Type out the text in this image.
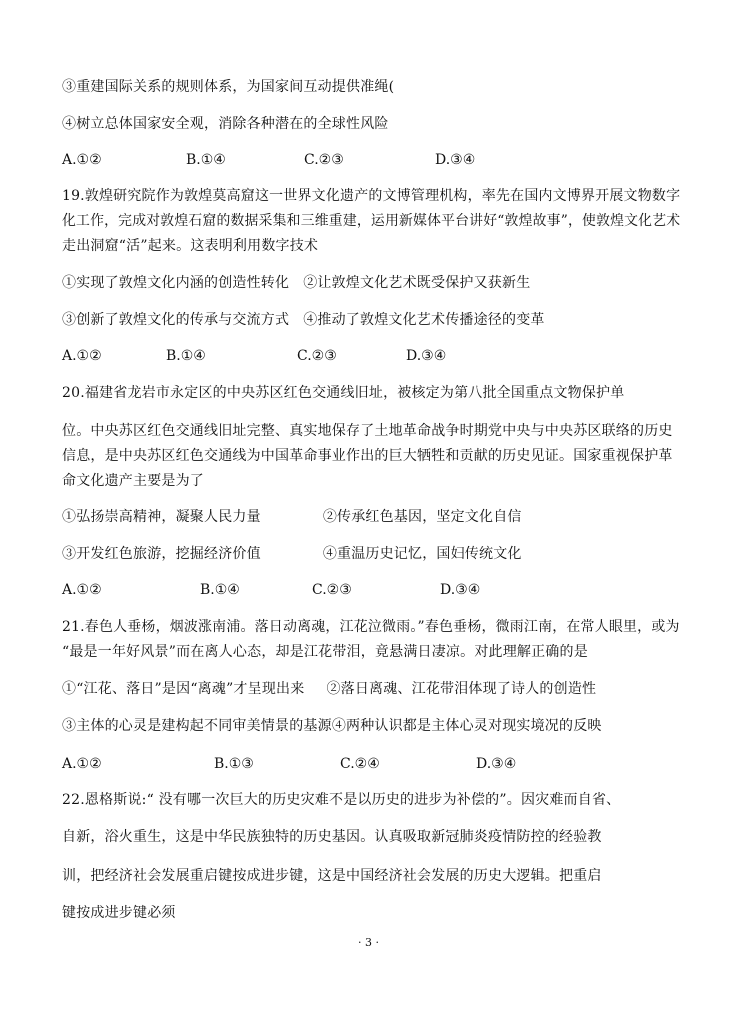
③重建国际关系的规则体系，为国家间互动提供准绳(
④树立总体国家安全观，消除各种潜在的全球性风险
A.①②	B.①④	C.②③	D.③④
19.敦煌研究院作为敦煌莫高窟这一世界文化遗产的文博管理机构，率先在国内文博界开展文物数字
化工作，完成对敦煌石窟的数据采集和三维重建，运用新媒体平台讲好“敦煌故事”，使敦煌文化艺术
走出洞窟“活”起来。这表明利用数字技术
①实现了敦煌文化内涵的创造性转化 ②让敦煌文化艺术既受保护又获新生
③创新了敦煌文化的传承与交流方式 ④推动了敦煌文化艺术传播途径的变革
A.①②	B.①④	C.②③	D.③④
20.福建省龙岩市永定区的中央苏区红色交通线旧址，被核定为第八批全国重点文物保护单
位。中央苏区红色交通线旧址完整、真实地保存了土地革命战争时期党中央与中央苏区联络的历史
信息，是中央苏区红色交通线为中国革命事业作出的巨大牺牲和贡献的历史见证。国家重视保护革
命文化遗产主要是为了
①弘扬崇高精神，凝聚人民力量	②传承红色基因，坚定文化自信
③开发红色旅游，挖掘经济价值	④重温历史记忆，国妇传统文化
A.①②	B.①④	C.②③	D.③④
21.春色人垂杨，烟波涨南浦。落日动离魂，江花泣微雨。”春色垂杨，微雨江南，在常人眼里，或为
“最是一年好风景”而在离人心态，却是江花带泪，竟悬满日凄凉。对此理解正确的是
①“江花、落日”是因“离魂”才呈现出来 ②落日离魂、江花带泪体现了诗人的创造性
③主体的心灵是建构起不同审美情景的基源④两种认识都是主体心灵对现实境况的反映
A.①②	B.①③	C.②④	D.③④
22.恩格斯说:“ 没有哪一次巨大的历史灾难不是以历史的进步为补偿的”。因灾难而自省、
自新，浴火重生，这是中华民族独特的历史基因。认真吸取新冠肺炎疫情防控的经验教
训，把经济社会发展重启键按成进步键，这是中国经济社会发展的历史大逻辑。把重启
键按成进步键必须
· 3 ·
